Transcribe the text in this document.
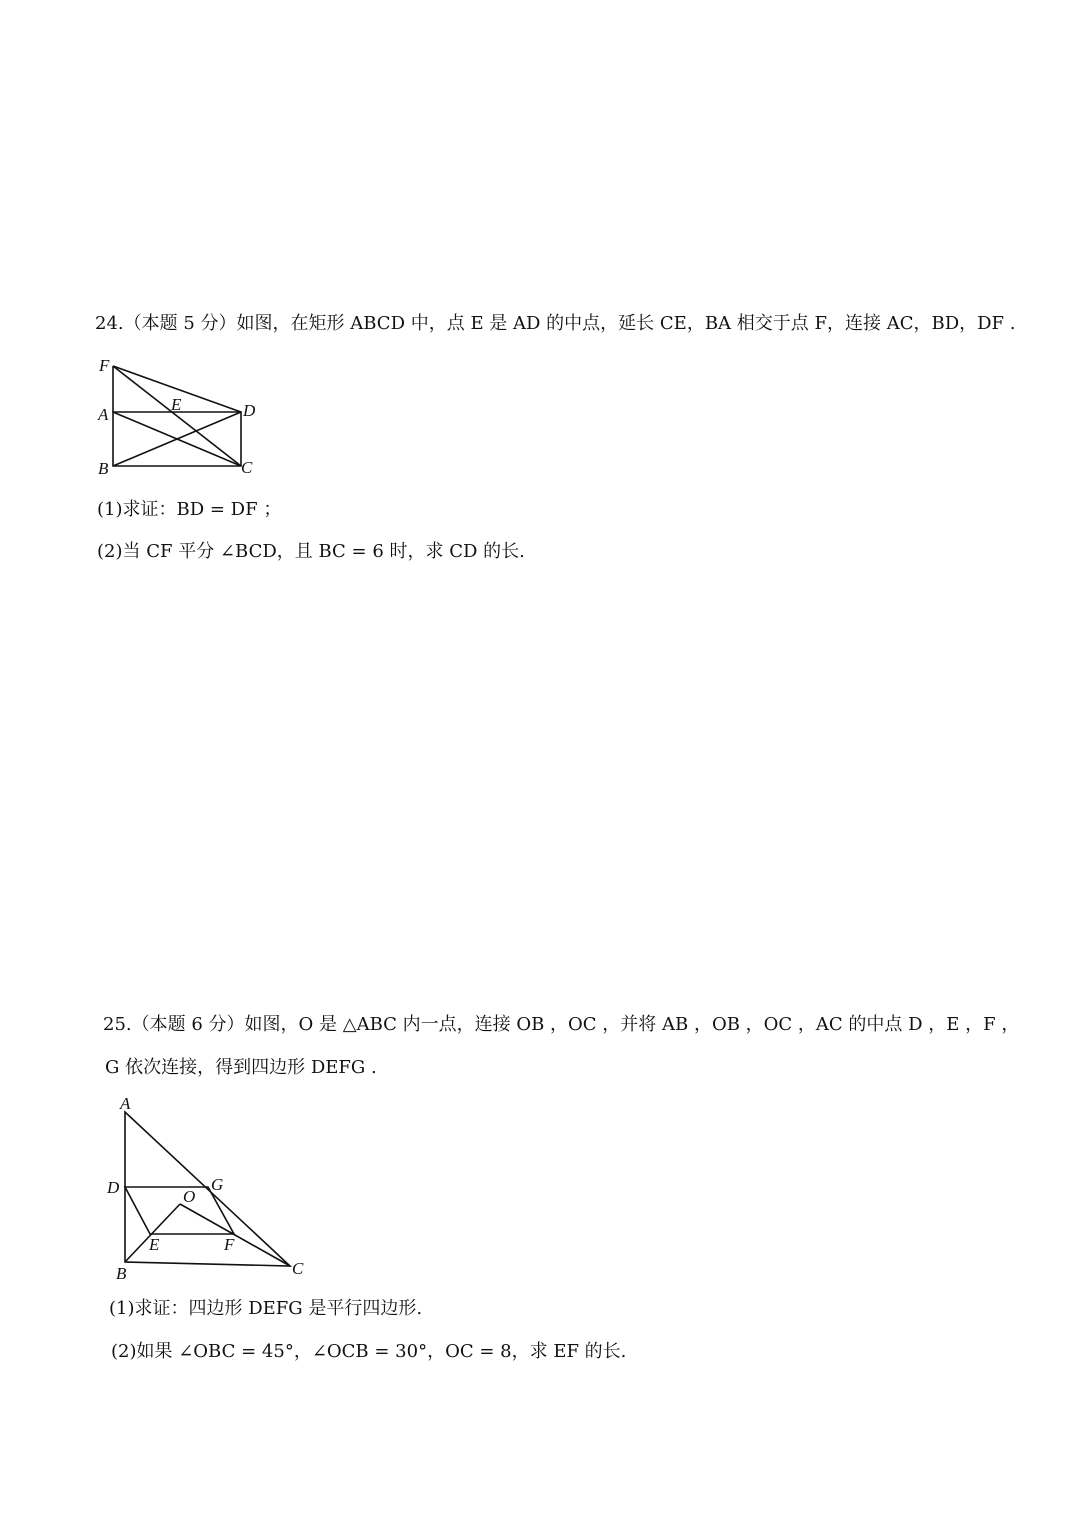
24.（本题 5 分）如图，在矩形 ABCD 中，点 E 是 AD 的中点，延长 CE，BA 相交于点 F，连接 AC，BD，DF .
F
A
B
E	D
C
(1)求证：BD = DF ；
(2)当 CF 平分 ∠BCD，且 BC = 6 时，求 CD 的长.
25.（本题 6 分）如图，O 是 △ABC 内一点，连接 OB ，OC ，并将 AB ，OB ，OC ，AC 的中点 D ，E ，F ，
G 依次连接，得到四边形 DEFG .
A
D	G
O
E	F
B	C
(1)求证：四边形 DEFG 是平行四边形.
(2)如果 ∠OBC = 45°，∠OCB = 30°，OC = 8，求 EF 的长.
